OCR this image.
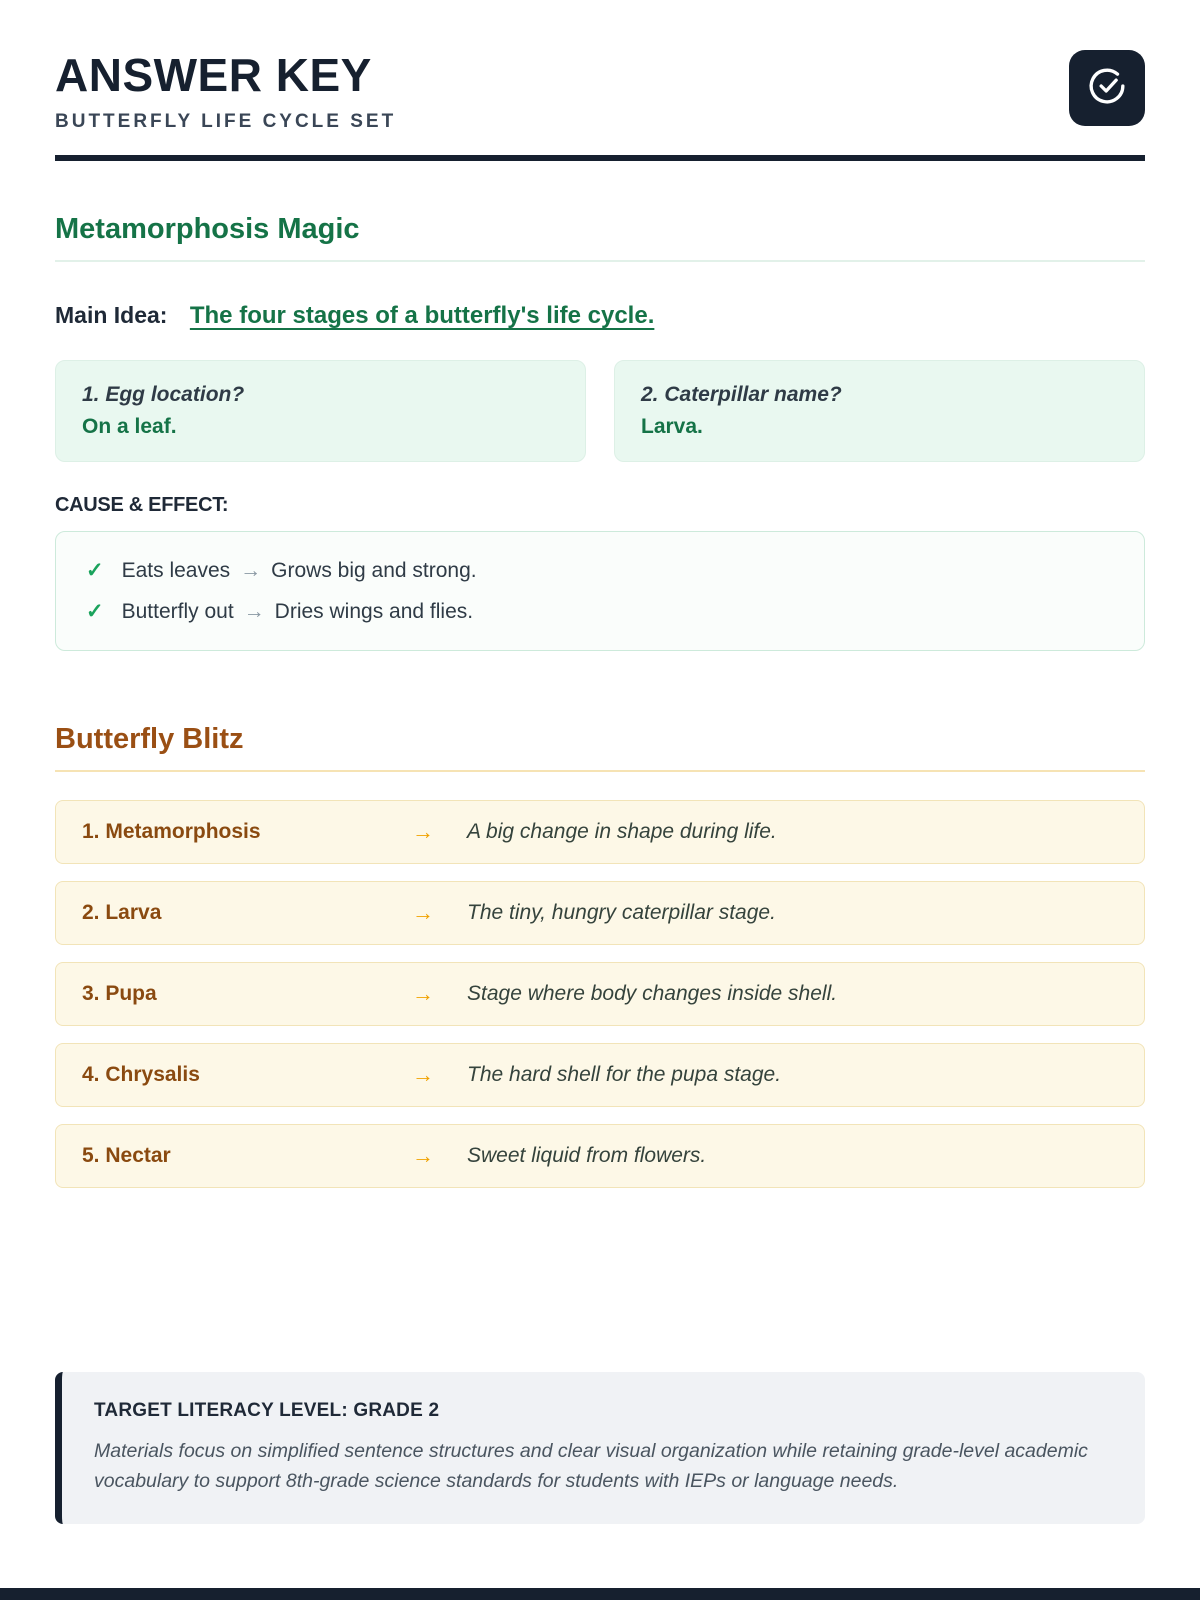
ANSWER KEY
BUTTERFLY LIFE CYCLE SET
Metamorphosis Magic
Main Idea: The four stages of a butterfly's life cycle.
1. Egg location?
On a leaf.
2. Caterpillar name?
Larva.
CAUSE & EFFECT:
✓ Eats leaves → Grows big and strong.
✓ Butterfly out → Dries wings and flies.
Butterfly Blitz
1. Metamorphosis	→	A big change in shape during life.
2. Larva	→	The tiny, hungry caterpillar stage.
3. Pupa	→	Stage where body changes inside shell.
4. Chrysalis	→	The hard shell for the pupa stage.
5. Nectar	→	Sweet liquid from flowers.
TARGET LITERACY LEVEL: GRADE 2
Materials focus on simplified sentence structures and clear visual organization while retaining grade-level academic vocabulary to support 8th-grade science standards for students with IEPs or language needs.
